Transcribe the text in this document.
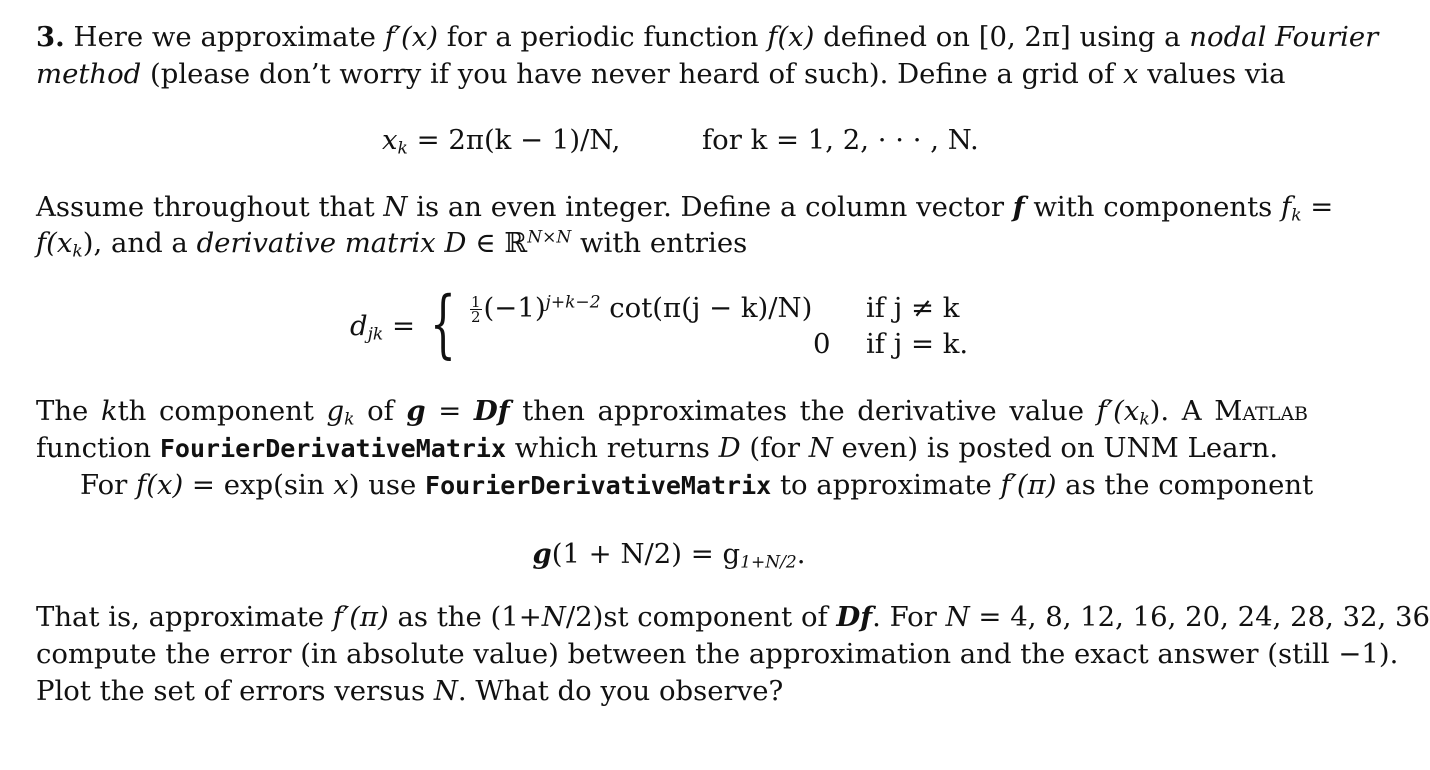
3. Here we approximate f′(x) for a periodic function f(x) defined on [0, 2π] using a nodal Fourier
method (please don’t worry if you have never heard of such). Define a grid of x values via
$x_k = 2\pi(k - 1)/N$,	for k = 1, 2, · · · , N.
Assume throughout that N is an even integer. Define a column vector f with components $f_k$ =
$f(x_k)$, and a derivative matrix D ∈ ℝ$^{N\times N}$ with entries
$d_{jk}$ = { $\frac{1}{2} (-1)^{j+k-2}$ cot(π(j − k)/N)
0
if j ≠ k
if j = k.
The kth component $g_k$ of g = Df then approximates the derivative value $f'(x_k)$. A Matlab
function FourierDerivativeMatrix which returns D (for N even) is posted on UNM Learn.
For f(x) = exp(sin x) use FourierDerivativeMatrix to approximate f′(π) as the component
$g(1 + N/2) = g_{1+N/2}$.
That is, approximate f′(π) as the (1+N/2)st component of Df. For N = 4, 8, 12, 16, 20, 24, 28, 32, 36
compute the error (in absolute value) between the approximation and the exact answer (still −1).
Plot the set of errors versus N. What do you observe?
